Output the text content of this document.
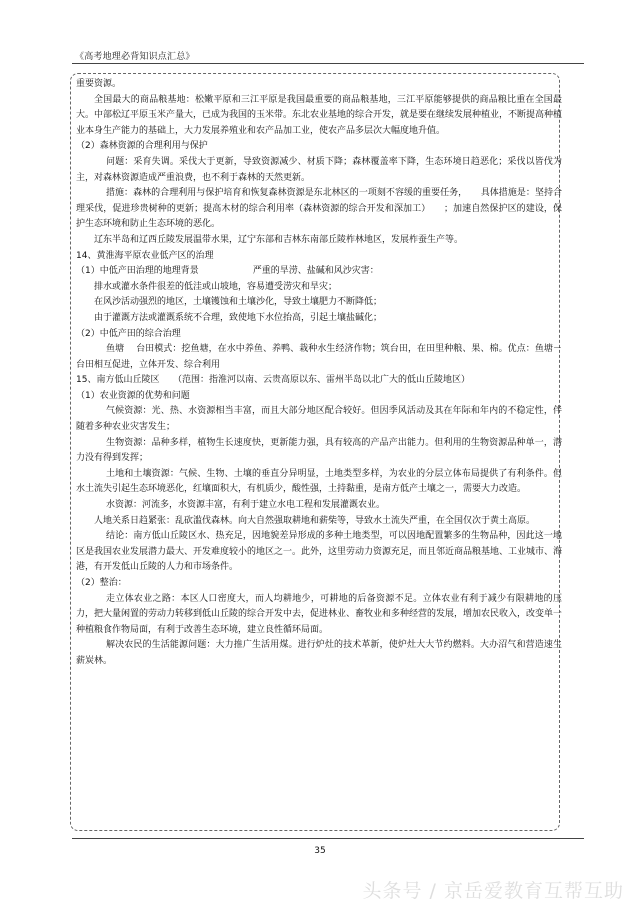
《高考地理必背知识点汇总》

重要资源。

全国最大的商品粮基地：松嫩平原和三江平原是我国最重要的商品粮基地，三江平原能够提供的商品粮比重在全国最大。中部松辽平原玉米产量大，已成为我国的玉米带。东北农业基地的综合开发，就是要在继续发展种植业，不断提高种植业本身生产能力的基础上，大力发展养殖业和农产品加工业，使农产品多层次大幅度地升值。

（2）森林资源的合理利用与保护

问题：采育失调。采伐大于更新，导致资源减少、材质下降；森林覆盖率下降，生态环境日趋恶化；采伐以皆伐为主，对森林资源造成严重浪费，也不利于森林的天然更新。

措施：森林的合理利用与保护培育和恢复森林资源是东北林区的一项刻不容缓的重要任务，　　具体措施是：坚持合理采伐，促进珍贵树种的更新；提高木材的综合利用率（森林资源的综合开发和深加工）　　；加速自然保护区的建设，保护生态环境和防止生态环境的恶化。

辽东半岛和辽西丘陵发展温带水果，辽宁东部和吉林东南部丘陵柞林地区，发展柞蚕生产等。

14、黄淮海平原农业低产区的治理

（1）中低产田治理的地理背景　　　　　　严重的旱涝、盐碱和风沙灾害：

排水或灌水条件很差的低洼或山坡地，容易遭受涝灾和旱灾；

在风沙活动强烈的地区，土壤镬蚀和土壤沙化，导致土壤肥力不断降低；

由于灌溉方法或灌溉系统不合理，致使地下水位抬高，引起土壤盐碱化；

（2）中低产田的综合治理

鱼塘　 台田模式：挖鱼塘，在水中养鱼、养鸭、栽种水生经济作物；筑台田，在田里种粮、果、棉。优点：鱼塘－台田相互促进，立体开发、综合利用

15、南方低山丘陵区　　（范围：指淮河以南、云贵高原以东、雷州半岛以北广大的低山丘陵地区）

（1）农业资源的优势和问题

气候资源：光、热、水资源相当丰富，而且大部分地区配合较好。但因季风活动及其在年际和年内的不稳定性，伴随着多种农业灾害发生；

生物资源：品种多样，植物生长速度快，更新能力强，具有较高的产品产出能力。但利用的生物资源品种单一，潜力没有得到发挥；

土地和土壤资源：气候、生物、土壤的垂直分异明显，土地类型多样，为农业的分层立体布局提供了有利条件。但水土流失引起生态环境恶化，红壤面积大，有机质少，酸性强，土持黏重，是南方低产土壤之一，需要大力改造。

水资源：河流多，水资源丰富，有利于建立水电工程和发展灌溉农业。

人地关系日趋紧张：乱砍滥伐森林。向大自然强取耕地和薪柴等，导致水土流失严重，在全国仅次于黄土高原。

结论：南方低山丘陵区水、热充足，因地貌差异形成的多种土地类型，可以因地配置繁多的生物品种，因此这一地区是我国农业发展潜力最大、开发难度较小的地区之一。此外，这里劳动力资源充足，而且邻近商品粮基地、工业城市、海港，有开发低山丘陵的人力和市场条件。

（2）整治：

走立体农业之路：本区人口密度大，而人均耕地少，可耕地的后备资源不足。立体农业有利于减少有限耕地的压力，把大量闲置的劳动力转移到低山丘陵的综合开发中去，促进林业、畜牧业和多种经营的发展，增加农民收入，改变单一种植粮食作物局面，有利于改善生态环境，建立良性循环局面。

解决农民的生活能源问题：大力推广生活用煤。进行炉灶的技术革新，使炉灶大大节约燃料。大办沼气和营造速生薪炭林。

35
头条号 / 京岳爱教育互帮互助
